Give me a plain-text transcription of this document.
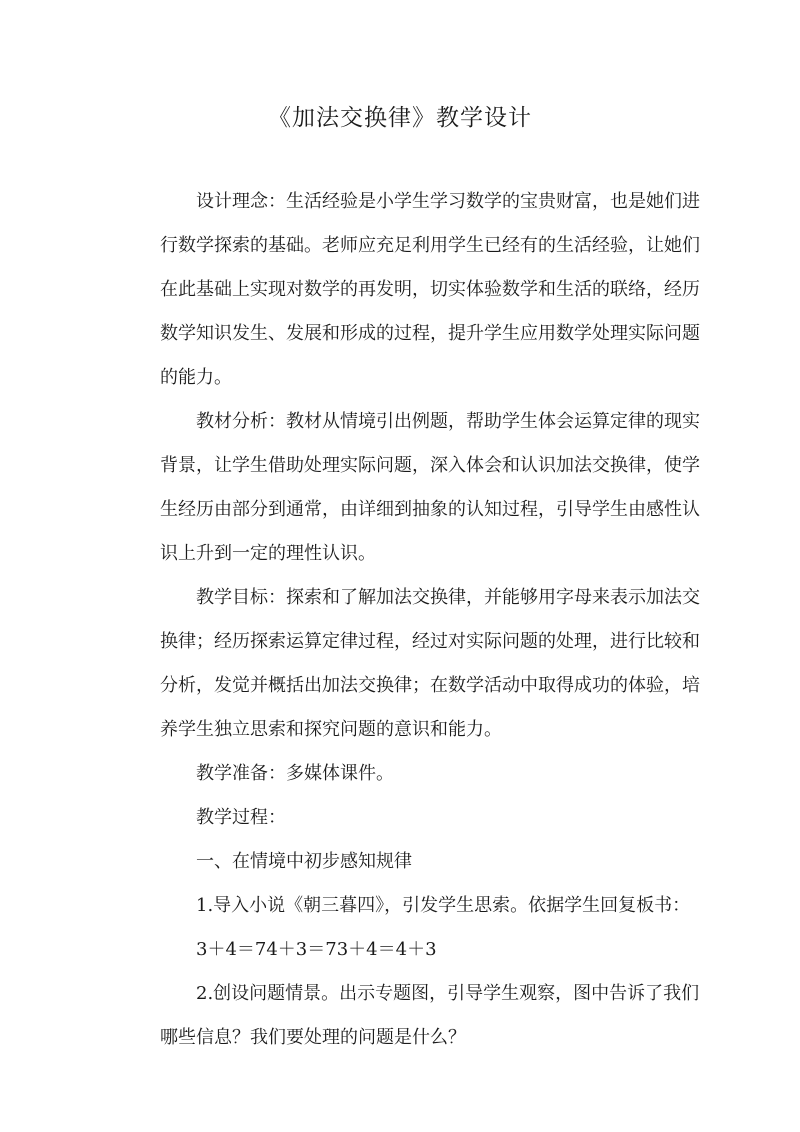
《加法交换律》教学设计
设计理念：生活经验是小学生学习数学的宝贵财富，也是她们进
行数学探索的基础。老师应充足利用学生已经有的生活经验，让她们
在此基础上实现对数学的再发明，切实体验数学和生活的联络，经历
数学知识发生、发展和形成的过程，提升学生应用数学处理实际问题
的能力。
教材分析：教材从情境引出例题，帮助学生体会运算定律的现实
背景，让学生借助处理实际问题，深入体会和认识加法交换律，使学
生经历由部分到通常，由详细到抽象的认知过程，引导学生由感性认
识上升到一定的理性认识。
教学目标：探索和了解加法交换律，并能够用字母来表示加法交
换律；经历探索运算定律过程，经过对实际问题的处理，进行比较和
分析，发觉并概括出加法交换律；在数学活动中取得成功的体验，培
养学生独立思索和探究问题的意识和能力。
教学准备：多媒体课件。
教学过程：
一、在情境中初步感知规律
1.导入小说《朝三暮四》，引发学生思索。依据学生回复板书：
3＋4＝74＋3＝73＋4＝4＋3
2.创设问题情景。出示专题图，引导学生观察，图中告诉了我们
哪些信息？我们要处理的问题是什么？
